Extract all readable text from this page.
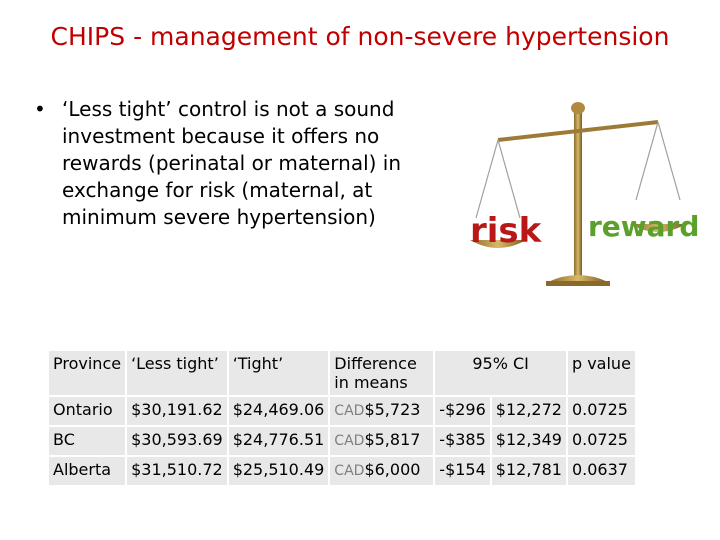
CHIPS - management of non-severe hypertension
• ‘Less tight’ control is not a sound investment because it offers no rewards (perinatal or maternal) in exchange for risk (maternal, at minimum severe hypertension)	risk reward
Province	‘Less tight’	‘Tight’	Difference in means	95% CI		p value
Ontario	$30,191.62	$24,469.06	CAD$5,723	-$296	$12,272	0.0725
BC	$30,593.69	$24,776.51	CAD$5,817	-$385	$12,349	0.0725
Alberta	$31,510.72	$25,510.49	CAD$6,000	-$154	$12,781	0.0637
